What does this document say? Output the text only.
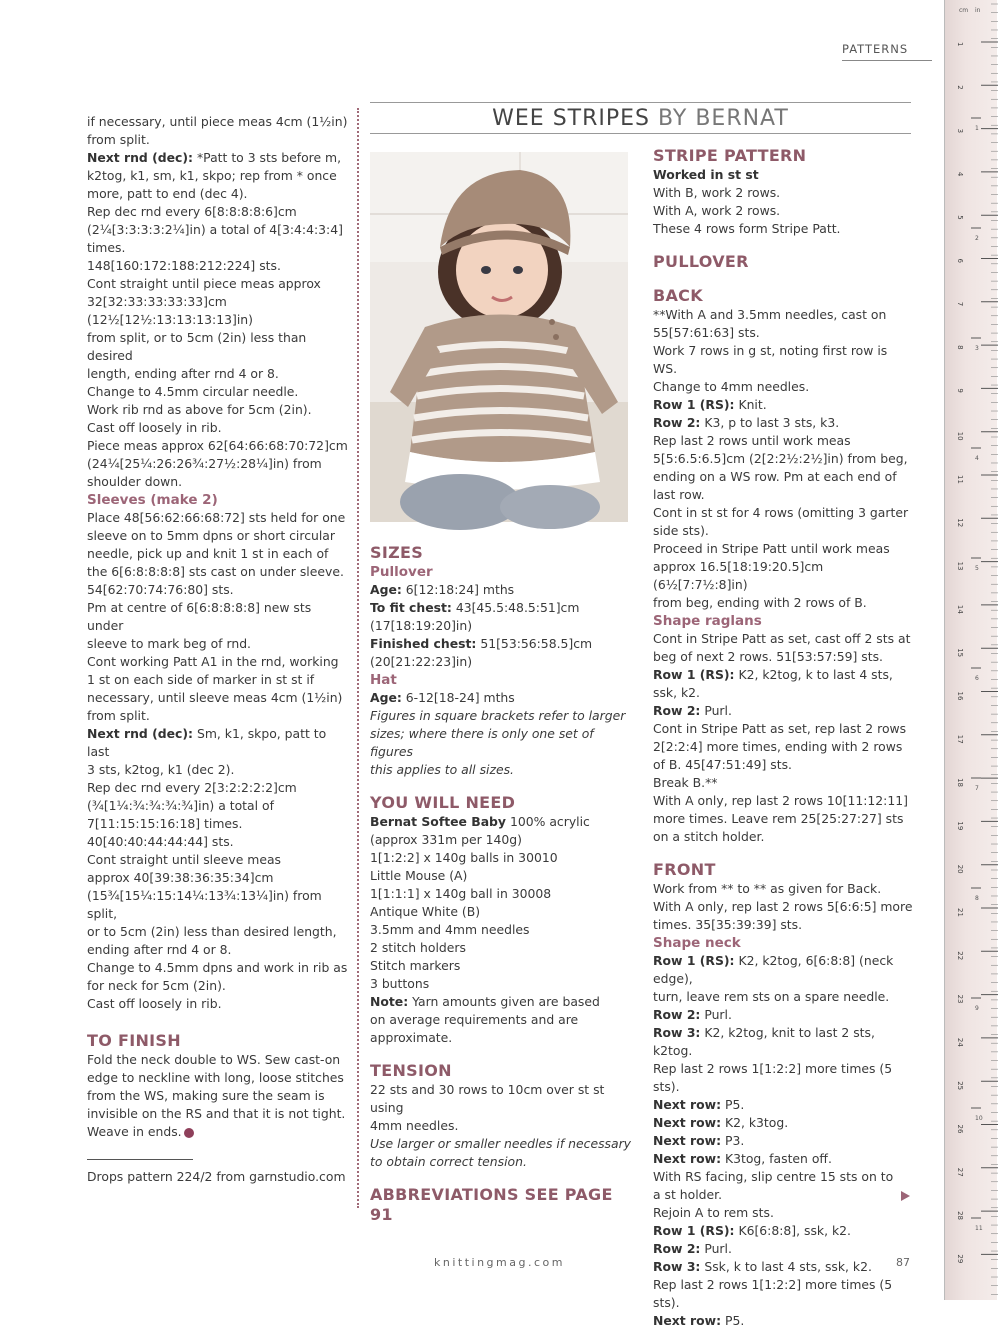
PATTERNS
WEE STRIPES BY BERNAT

if necessary, until piece meas 4cm (1½in)

from split.

Next rnd (dec): *Patt to 3 sts before m,

k2tog, k1, sm, k1, skpo; rep from * once

more, patt to end (dec 4).

Rep dec rnd every 6[8:8:8:8:6]cm

(2¼[3:3:3:3:2¼]in) a total of 4[3:4:4:3:4] times.

148[160:172:188:212:224] sts.

Cont straight until piece meas approx

32[32:33:33:33:33]cm (12½[12½:13:13:13:13]in)

from split, or to 5cm (2in) less than desired

length, ending after rnd 4 or 8.

Change to 4.5mm circular needle.

Work rib rnd as above for 5cm (2in).

Cast off loosely in rib.

Piece meas approx 62[64:66:68:70:72]cm

(24¼[25¼:26:26¾:27½:28¼]in) from

shoulder down.

Sleeves (make 2)

Place 48[56:62:66:68:72] sts held for one

sleeve on to 5mm dpns or short circular

needle, pick up and knit 1 st in each of

the 6[6:8:8:8:8] sts cast on under sleeve.

54[62:70:74:76:80] sts.

Pm at centre of 6[6:8:8:8:8] new sts under

sleeve to mark beg of rnd.

Cont working Patt A1 in the rnd, working

1 st on each side of marker in st st if

necessary, until sleeve meas 4cm (1½in)

from split.

Next rnd (dec): Sm, k1, skpo, patt to last

3 sts, k2tog, k1 (dec 2).

Rep dec rnd every 2[3:2:2:2:2]cm

(¾[1¼:¾:¾:¾:¾]in) a total of

7[11:15:15:16:18] times.

40[40:40:44:44:44] sts.

Cont straight until sleeve meas

approx 40[39:38:36:35:34]cm

(15¾[15¼:15:14¼:13¾:13¼]in) from split,

or to 5cm (2in) less than desired length,

ending after rnd 4 or 8.

Change to 4.5mm dpns and work in rib as

for neck for 5cm (2in).

Cast off loosely in rib.

TO FINISH

Fold the neck double to WS. Sew cast-on

edge to neckline with long, loose stitches

from the WS, making sure the seam is

invisible on the RS and that it is not tight.

Weave in ends.

Drops pattern 224/2 from garnstudio.com

SIZES

Pullover

Age: 6[12:18:24] mths

To fit chest: 43[45.5:48.5:51]cm

(17[18:19:20]in)

Finished chest: 51[53:56:58.5]cm

(20[21:22:23]in)

Hat

Age: 6-12[18-24] mths

Figures in square brackets refer to larger

sizes; where there is only one set of figures

this applies to all sizes.

YOU WILL NEED

Bernat Softee Baby 100% acrylic

(approx 331m per 140g)

1[1:2:2] x 140g balls in 30010

Little Mouse (A)

1[1:1:1] x 140g ball in 30008

Antique White (B)

3.5mm and 4mm needles

2 stitch holders

Stitch markers

3 buttons

Note: Yarn amounts given are based

on average requirements and are

approximate.

TENSION

22 sts and 30 rows to 10cm over st st using

4mm needles.

Use larger or smaller needles if necessary

to obtain correct tension.

ABBREVIATIONS SEE PAGE 91

STRIPE PATTERN

Worked in st st

With B, work 2 rows.

With A, work 2 rows.

These 4 rows form Stripe Patt.

PULLOVER

BACK

**With A and 3.5mm needles, cast on

55[57:61:63] sts.

Work 7 rows in g st, noting first row is WS.

Change to 4mm needles.

Row 1 (RS): Knit.

Row 2: K3, p to last 3 sts, k3.

Rep last 2 rows until work meas

5[5:6.5:6.5]cm (2[2:2½:2½]in) from beg,

ending on a WS row. Pm at each end of

last row.

Cont in st st for 4 rows (omitting 3 garter

side sts).

Proceed in Stripe Patt until work meas

approx 16.5[18:19:20.5]cm (6½[7:7½:8]in)

from beg, ending with 2 rows of B.

Shape raglans

Cont in Stripe Patt as set, cast off 2 sts at

beg of next 2 rows. 51[53:57:59] sts.

Row 1 (RS): K2, k2tog, k to last 4 sts, ssk, k2.

Row 2: Purl.

Cont in Stripe Patt as set, rep last 2 rows

2[2:2:4] more times, ending with 2 rows

of B. 45[47:51:49] sts.

Break B.**

With A only, rep last 2 rows 10[11:12:11]

more times. Leave rem 25[25:27:27] sts

on a stitch holder.

FRONT

Work from ** to ** as given for Back.

With A only, rep last 2 rows 5[6:6:5] more

times. 35[35:39:39] sts.

Shape neck

Row 1 (RS): K2, k2tog, 6[6:8:8] (neck edge),

turn, leave rem sts on a spare needle.

Row 2: Purl.

Row 3: K2, k2tog, knit to last 2 sts, k2tog.

Rep last 2 rows 1[1:2:2] more times (5 sts).

Next row: P5.

Next row: K2, k3tog.

Next row: P3.

Next row: K3tog, fasten off.

With RS facing, slip centre 15 sts on to

a st holder.

Rejoin A to rem sts.

Row 1 (RS): K6[6:8:8], ssk, k2.

Row 2: Purl.

Row 3: Ssk, k to last 4 sts, ssk, k2.

Rep last 2 rows 1[1:2:2] more times (5 sts).

Next row: P5.

knittingmag.com	87
1
2
3
4
5
6
7
8
9
10
11
12
13
14
15
16
17
18
19
20
21
22
23
24
25
26
27
28
29
1
2
3
4
5
6
7
8
9
10
11
cm in
